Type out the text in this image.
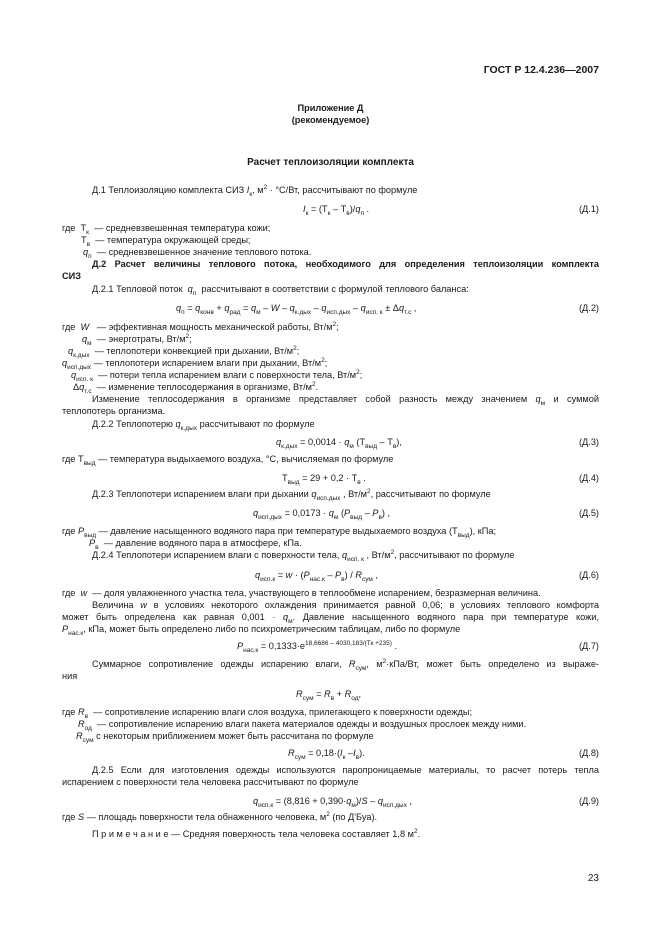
ГОСТ Р 12.4.236—2007
Приложение Д
(рекомендуемое)
Расчет теплоизоляции комплекта
Д.1 Теплоизоляцию комплекта СИЗ $I_к$, $м^2 \cdot ^\circ С/Вт$, рассчитывают по формуле
$I_к = (Т_к - Т_в)/q_п$ .	(Д.1)
где  $Т_к$  — средневзвешенная температура кожи;
$Т_в$  — температура окружающей среды;
$q_п$  — средневзвешенное значение теплового потока.
Д.2 Расчет величины теплового потока, необходимого для определения теплоизоляции комплекта
СИЗ
Д.2.1 Тепловой поток  $q_п$  рассчитывают в соответствии с формулой теплового баланса:
$q_п = q_{конв} + q_{рад} = q_м - W - q_{к.дых} - q_{исп.дых} - q_{исп. к} \pm \Delta q_{т.с}$ ,	(Д.2)
где  W   — эффективная мощность механической работы, $Вт/м^2$;
$q_м$  — энерготраты, $Вт/м^2$;
$q_{к.дых}$  — теплопотери конвекцией при дыхании, $Вт/м^2$;
$q_{исп.дых}$ — теплопотери испарением влаги при дыхании, $Вт/м^2$;
$q_{исп. к}$  — потери тепла испарением влаги с поверхности тела, $Вт/м^2$;
$\Delta q_{т.с}$  — изменение теплосодержания в организме, $Вт/м^2$.
Изменение теплосодержания в организме представляет собой разность между значением $q_м$ и суммой
теплопотерь организма.
Д.2.2 Теплопотерю $q_{к.дых}$ рассчитывают по формуле
$q_{к.дых} = 0,0014 \cdot q_м$ $(Т_{выд} - Т_в)$,	(Д.3)
где $Т_{выд}$ — температура выдыхаемого воздуха, °С, вычисляемая по формуле
$Т_{выд} = 29 + 0,2 \cdot Т_в$ .	(Д.4)
Д.2.3 Теплопотери испарением влаги при дыхании $q_{исп.дых}$ , $Вт/м^2$, рассчитывают по формуле
$q_{исп.дых} = 0,0173 \cdot q_м$ $(P_{выд} - P_в)$ ,	(Д.5)
где $P_{выд}$ — давление насыщенного водяного пара при температуре выдыхаемого воздуха $(Т_{выд})$, кПа;
$P_в$  — давление водяного пара в атмосфере, кПа.
Д.2.4 Теплопотери испарением влаги с поверхности тела, $q_{исп. к}$ , $Вт/м^2$, рассчитывают по формуле
$q_{исп.к} = w \cdot (P_{нас.к} - P_в) / R_{сум}$ ,	(Д.6)
где  w  — доля увлажненного участка тела, участвующего в теплообмене испарением, безразмерная величина.
Величина w в условиях некоторого охлаждения принимается равной 0,06; в условиях теплового комфорта
может быть определена как равная $0,001 \cdot q_м$. Давление насыщенного водяного пара при температуре кожи,
$P_{нас.к}$, кПа, может быть определено либо по психрометрическим таблицам, либо по формуле
$P_{нас.к} = 0,1333\cdot e^{18,6686 - 4030,183/(Тк +235)}$ .	(Д.7)
Суммарное сопротивление одежды испарению влаги, $R_{сум}$, $м^2\cdot кПа/Вт$, может быть определено из выраже-
ния
$R_{сум} = R_в + R_{од}$,
где $R_в$  — сопротивление испарению влаги слоя воздуха, прилегающего к поверхности одежды;
$R_{од}$  — сопротивление испарению влаги пакета материалов одежды и воздушных прослоек между ними.
$R_{сум}$ с некоторым приближением может быть рассчитана по формуле
$R_{сум} = 0,18\cdot(I_к$ $-I_в$).	(Д.8)
Д.2.5 Если для изготовления одежды используются паропроницаемые материалы, то расчет потерь тепла
испарением с поверхности тела человека рассчитывают по формуле
$q_{исп.к} = (8,816 + 0,390\cdot q_м)/S - q_{исп.дых}$ ,	(Д.9)
где S — площадь поверхности тела обнаженного человека, $м^2$ (по Д'Буа).
П р и м е ч а н и е — Средняя поверхность тела человека составляет 1,8 $м^2$.
23
